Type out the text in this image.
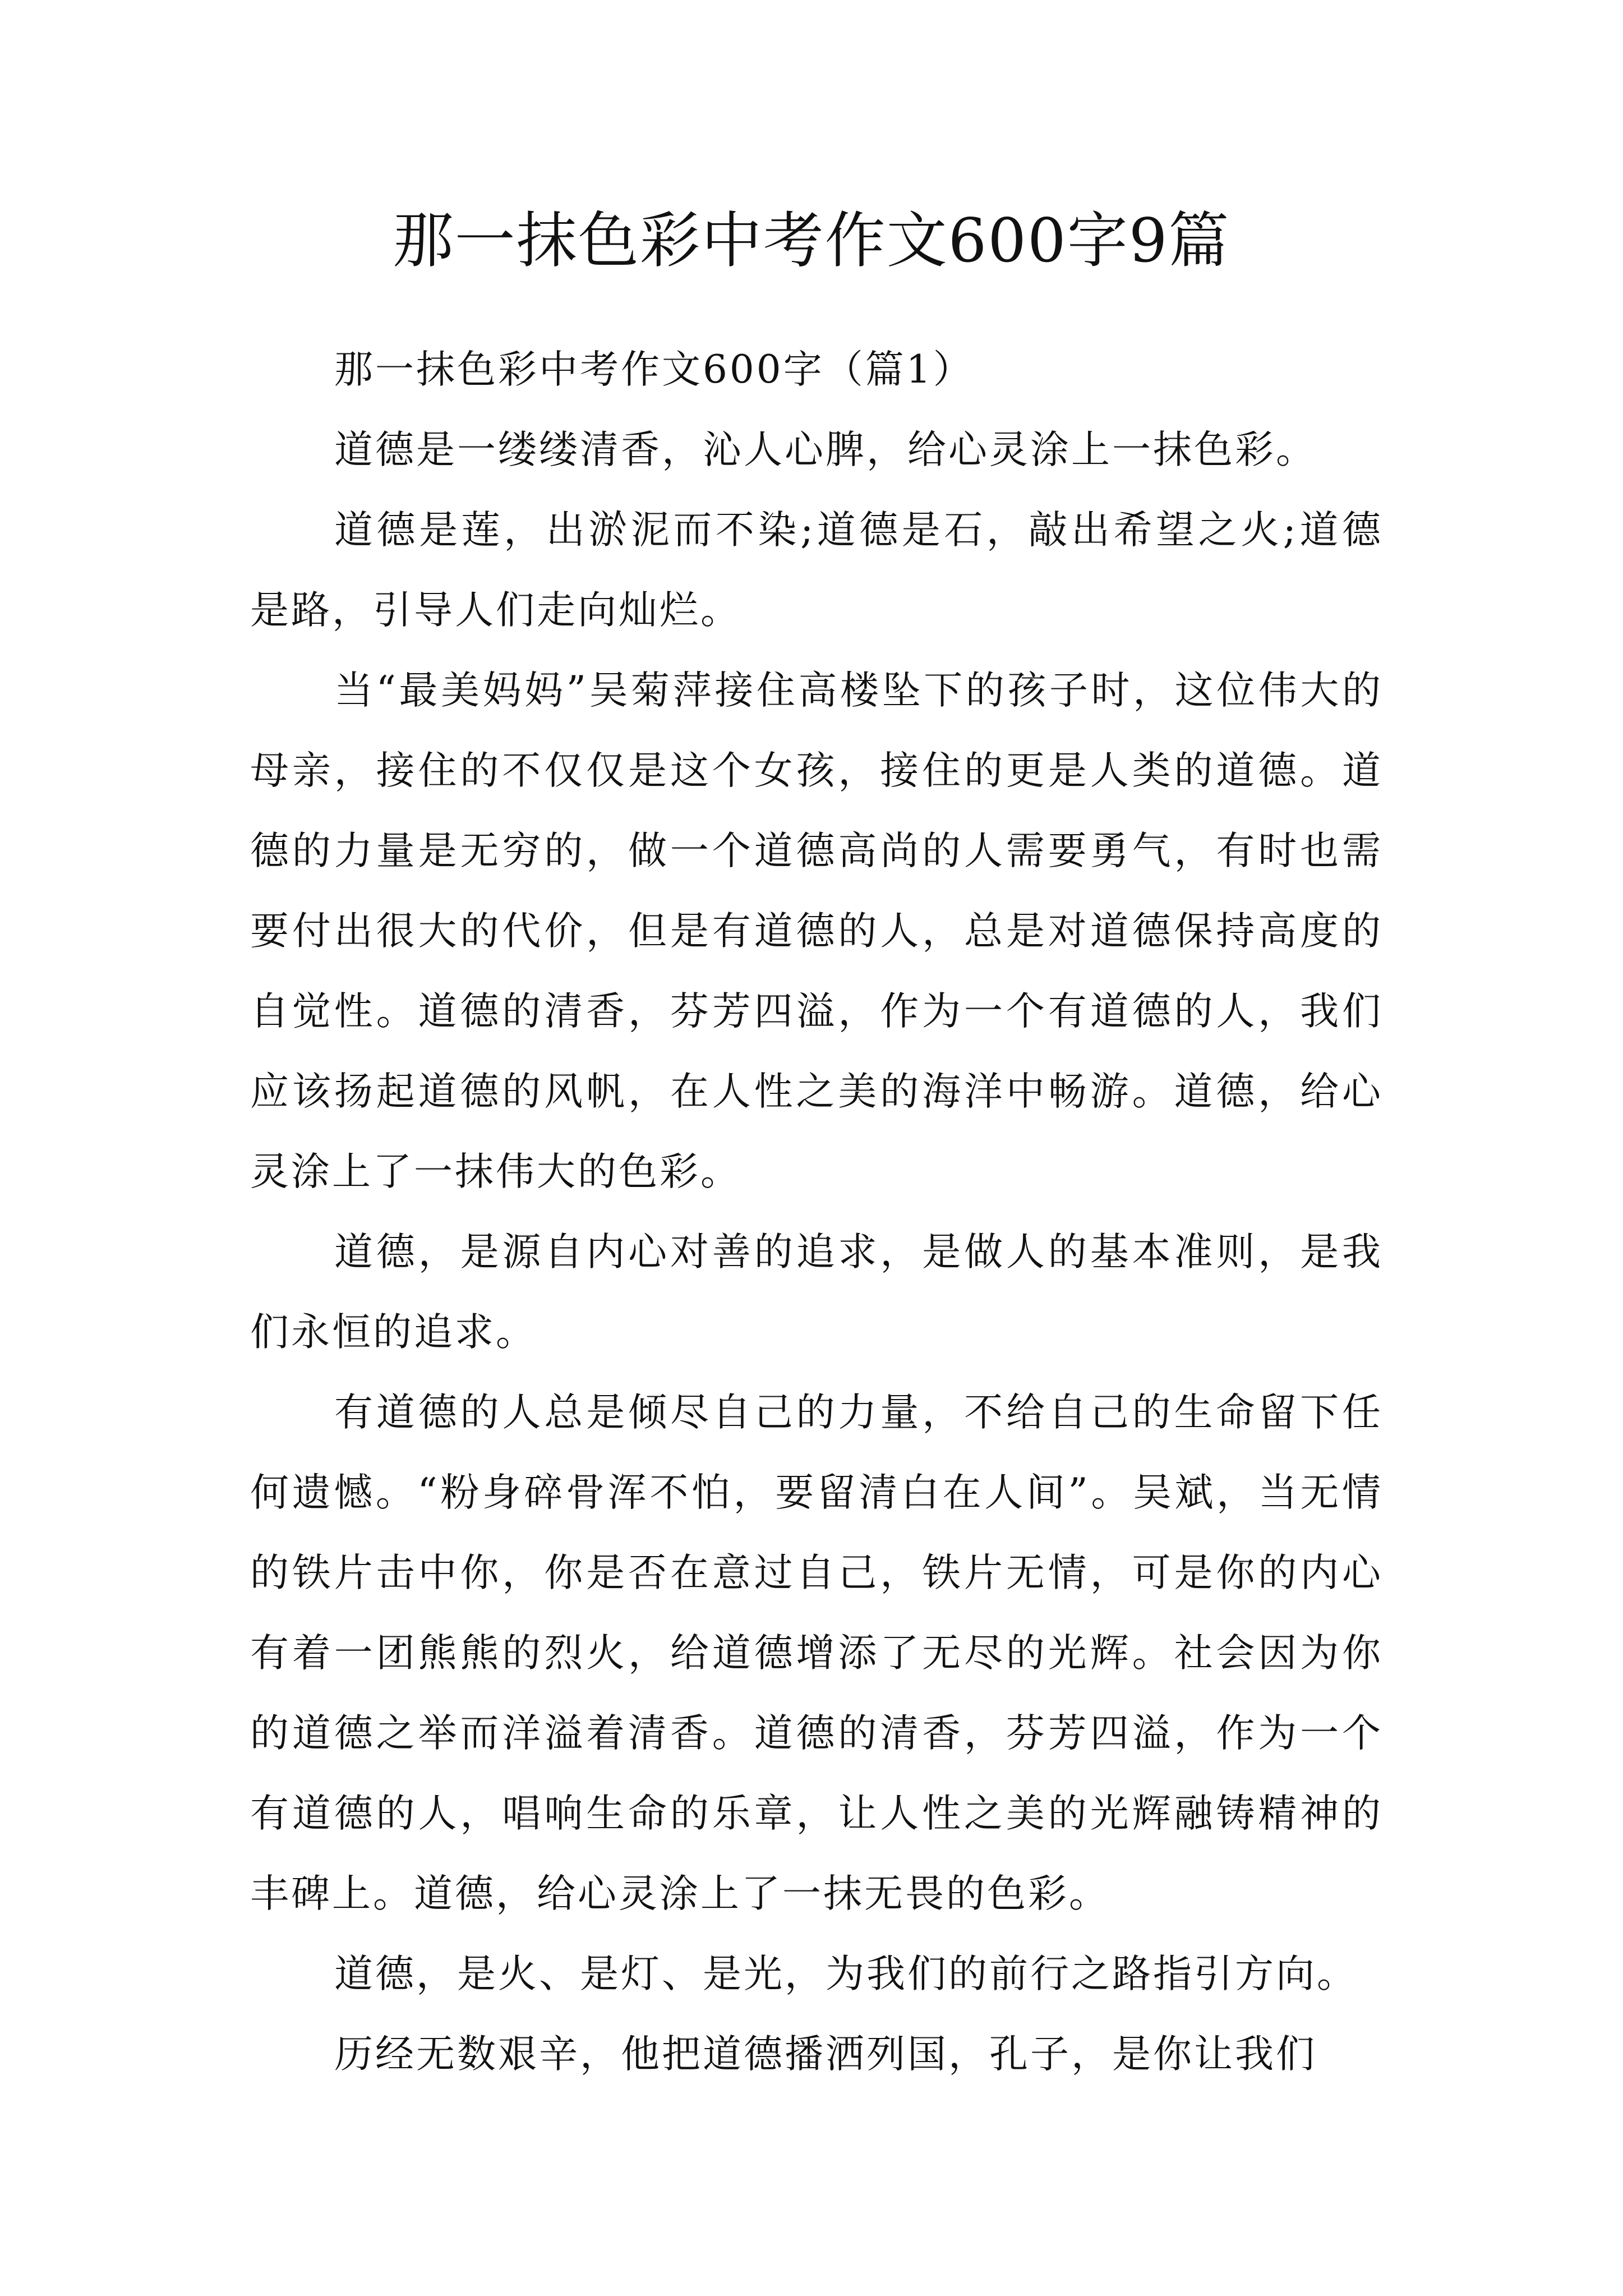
那一抹色彩中考作文600字9篇

那一抹色彩中考作文600字（篇1）

道德是一缕缕清香，沁人心脾，给心灵涂上一抹色彩。

道德是莲，出淤泥而不染;道德是石，敲出希望之火;道德是路，引导人们走向灿烂。

当“最美妈妈”吴菊萍接住高楼坠下的孩子时，这位伟大的母亲，接住的不仅仅是这个女孩，接住的更是人类的道德。道德的力量是无穷的，做一个道德高尚的人需要勇气，有时也需要付出很大的代价，但是有道德的人，总是对道德保持高度的自觉性。道德的清香，芬芳四溢，作为一个有道德的人，我们应该扬起道德的风帆，在人性之美的海洋中畅游。道德，给心灵涂上了一抹伟大的色彩。

道德，是源自内心对善的追求，是做人的基本准则，是我们永恒的追求。

有道德的人总是倾尽自己的力量，不给自己的生命留下任何遗憾。“粉身碎骨浑不怕，要留清白在人间”。吴斌，当无情的铁片击中你，你是否在意过自己，铁片无情，可是你的内心有着一团熊熊的烈火，给道德增添了无尽的光辉。社会因为你的道德之举而洋溢着清香。道德的清香，芬芳四溢，作为一个有道德的人，唱响生命的乐章，让人性之美的光辉融铸精神的丰碑上。道德，给心灵涂上了一抹无畏的色彩。

道德，是火、是灯、是光，为我们的前行之路指引方向。

历经无数艰辛，他把道德播洒列国，孔子，是你让我们
